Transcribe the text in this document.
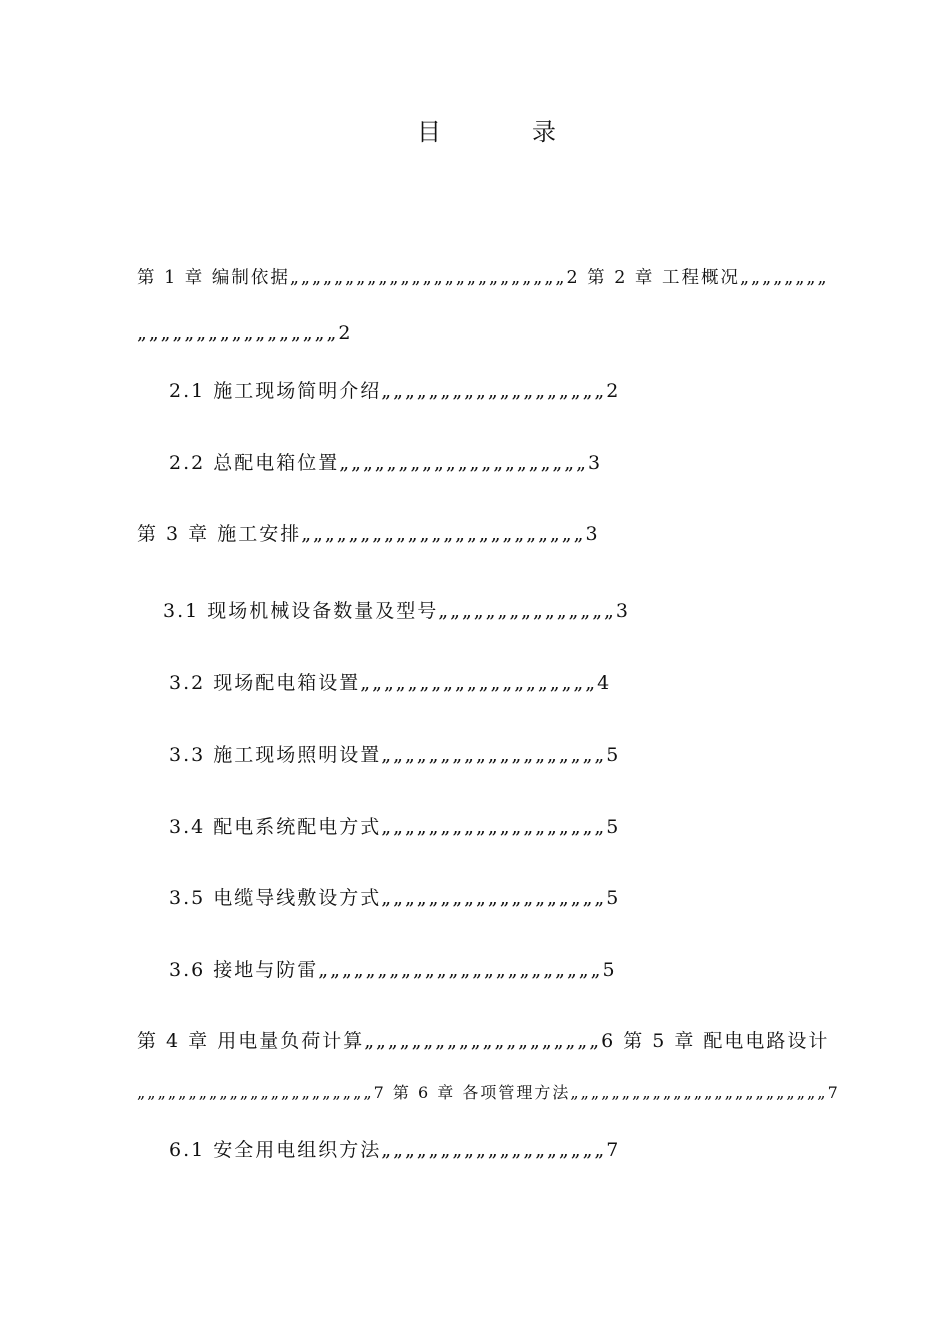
目	录
第 1 章 编制依据„„„„„„„„„„„„„„„„„„„„„„„„„2 第 2 章 工程概况„„„„„„„„
„„„„„„„„„„„„„„„„„2
2.1 施工现场简明介绍„„„„„„„„„„„„„„„„„„„2
2.2 总配电箱位置„„„„„„„„„„„„„„„„„„„„„3
第 3 章 施工安排„„„„„„„„„„„„„„„„„„„„„„„„3
3.1 现场机械设备数量及型号„„„„„„„„„„„„„„„3
3.2 现场配电箱设置„„„„„„„„„„„„„„„„„„„„4
3.3 施工现场照明设置„„„„„„„„„„„„„„„„„„„5
3.4 配电系统配电方式„„„„„„„„„„„„„„„„„„„5
3.5 电缆导线敷设方式„„„„„„„„„„„„„„„„„„„5
3.6 接地与防雷„„„„„„„„„„„„„„„„„„„„„„„„5
第 4 章 用电量负荷计算„„„„„„„„„„„„„„„„„„„„6 第 5 章 配电电路设计
„„„„„„„„„„„„„„„„„„„„„„„7 第 6 章 各项管理方法„„„„„„„„„„„„„„„„„„„„„„„„„7
6.1 安全用电组织方法„„„„„„„„„„„„„„„„„„„7
